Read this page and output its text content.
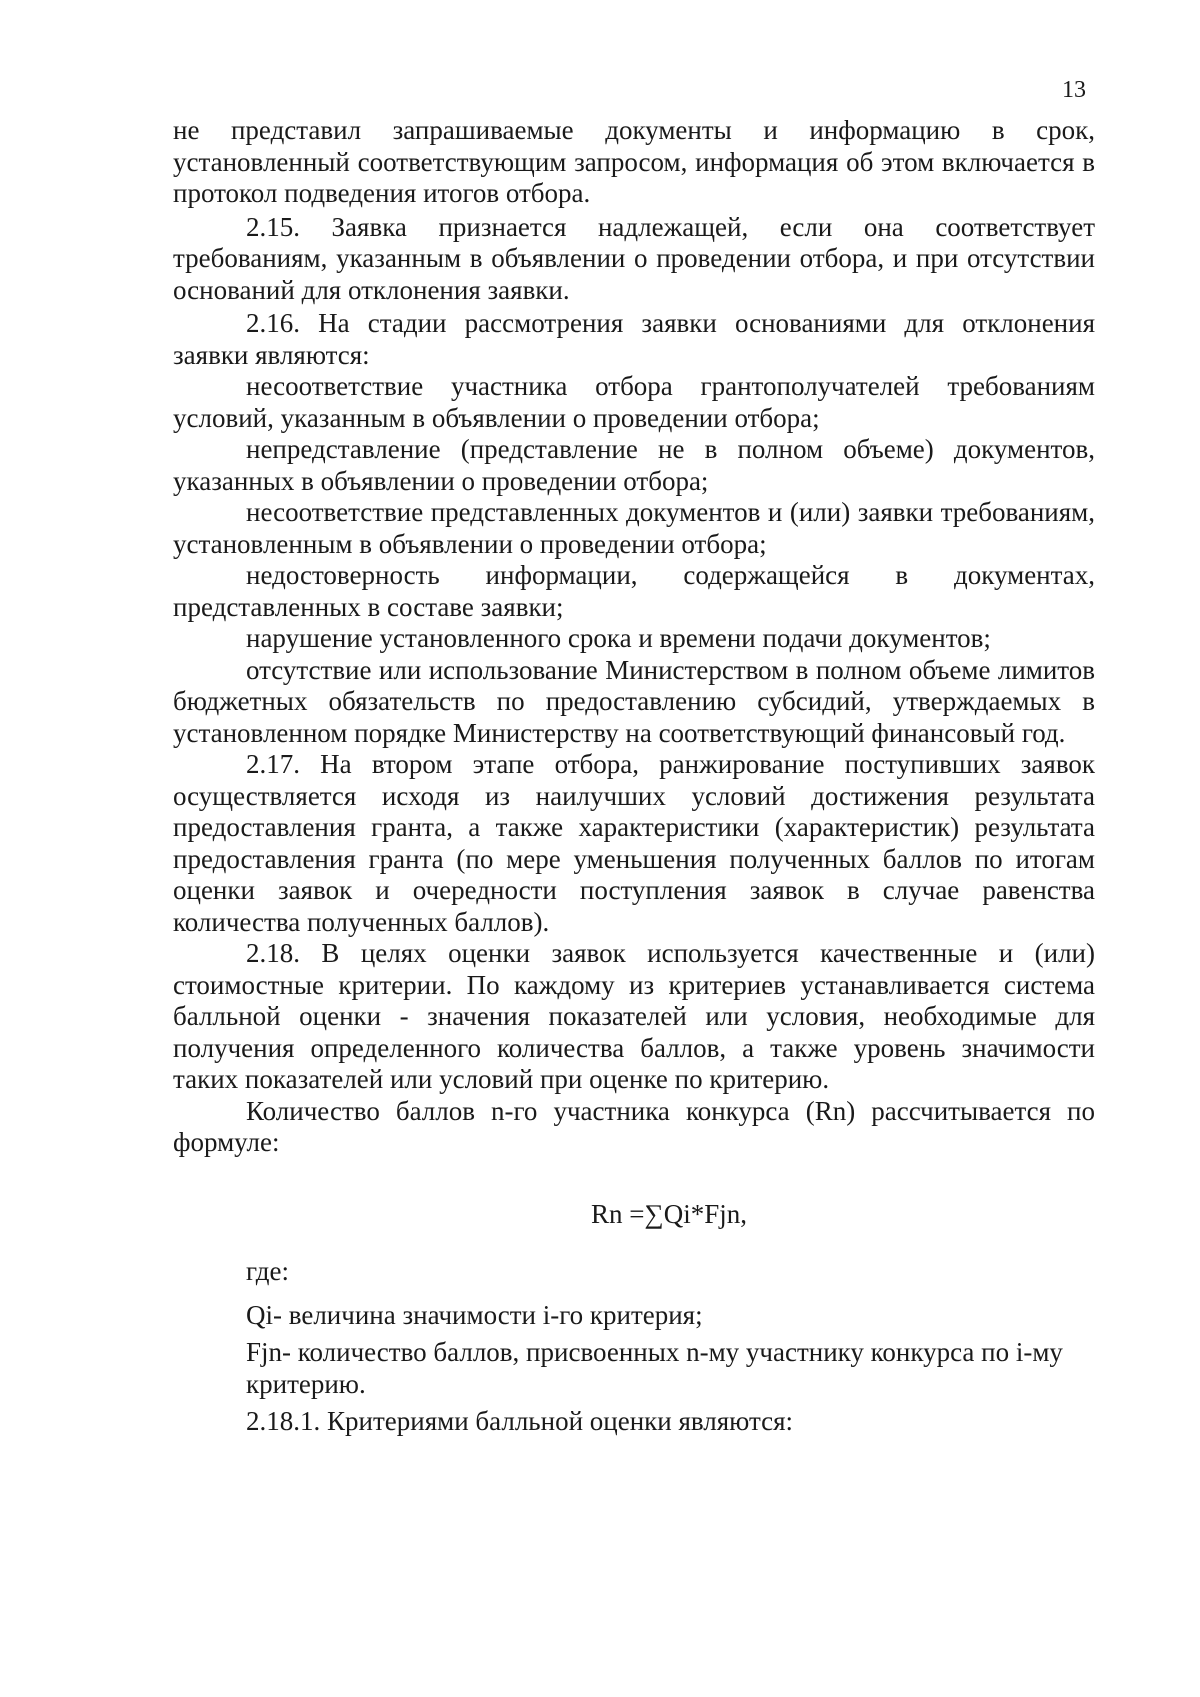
13

не представил запрашиваемые документы и информацию в срок, установленный соответствующим запросом, информация об этом включается в протокол подведения итогов отбора.

2.15. Заявка признается надлежащей, если она соответствует требованиям, указанным в объявлении о проведении отбора, и при отсутствии оснований для отклонения заявки.

2.16. На стадии рассмотрения заявки основаниями для отклонения заявки являются:

несоответствие участника отбора грантополучателей требованиям условий, указанным в объявлении о проведении отбора;

непредставление (представление не в полном объеме) документов, указанных в объявлении о проведении отбора;

несоответствие представленных документов и (или) заявки требованиям, установленным в объявлении о проведении отбора;

недостоверность информации, содержащейся в документах, представленных в составе заявки;

нарушение установленного срока и времени подачи документов;

отсутствие или использование Министерством в полном объеме лимитов бюджетных обязательств по предоставлению субсидий, утверждаемых в установленном порядке Министерству на соответствующий финансовый год.

2.17. На втором этапе отбора, ранжирование поступивших заявок осуществляется исходя из наилучших условий достижения результата предоставления гранта, а также характеристики (характеристик) результата предоставления гранта (по мере уменьшения полученных баллов по итогам оценки заявок и очередности поступления заявок в случае равенства количества полученных баллов).

2.18. В целях оценки заявок используется качественные и (или) стоимостные критерии. По каждому из критериев устанавливается система балльной оценки - значения показателей или условия, необходимые для получения определенного количества баллов, а также уровень значимости таких показателей или условий при оценке по критерию.

Количество баллов n-го участника конкурса (Rn) рассчитывается по формуле:

Rn =∑Qi*Fjn,

где:

Qi- величина значимости i-го критерия;

Fjn- количество баллов, присвоенных n-му участнику конкурса по i-му критерию.

2.18.1. Критериями балльной оценки являются:
